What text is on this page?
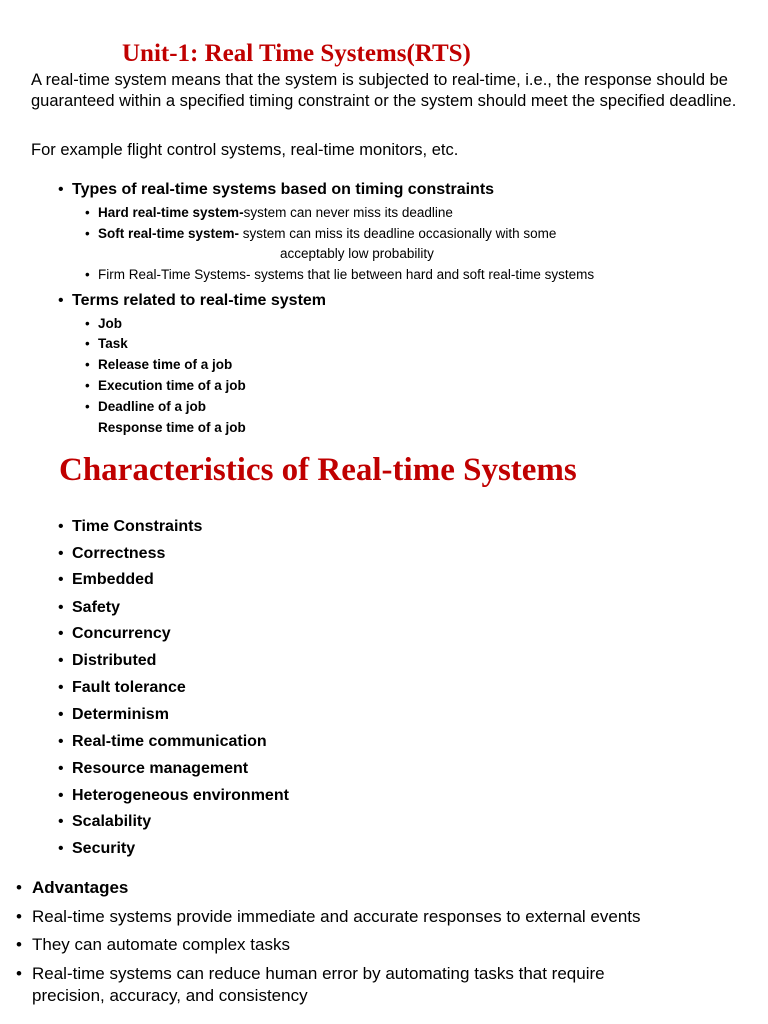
Unit-1: Real Time Systems(RTS)

A real-time system means that the system is subjected to real-time, i.e., the response should be guaranteed within a specified timing constraint or the system should meet the specified deadline.

For example flight control systems, real-time monitors, etc.

• Types of real-time systems based on timing constraints
• Hard real-time system-system can never miss its deadline
• Soft real-time system- system can miss its deadline occasionally with some
acceptably low probability
• Firm Real-Time Systems- systems that lie between hard and soft real-time systems
• Terms related to real-time system
• Job
• Task
• Release time of a job
• Execution time of a job
• Deadline of a job
• Response time of a job
Characteristics of Real-time Systems
• Time Constraints
• Correctness
• Embedded
• Safety
• Concurrency
• Distributed
• Fault tolerance
• Determinism
• Real-time communication
• Resource management
• Heterogeneous environment
• Scalability
• Security
• Advantages
• Real-time systems provide immediate and accurate responses to external events
• They can automate complex tasks
• Real-time systems can reduce human error by automating tasks that require
precision, accuracy, and consistency
